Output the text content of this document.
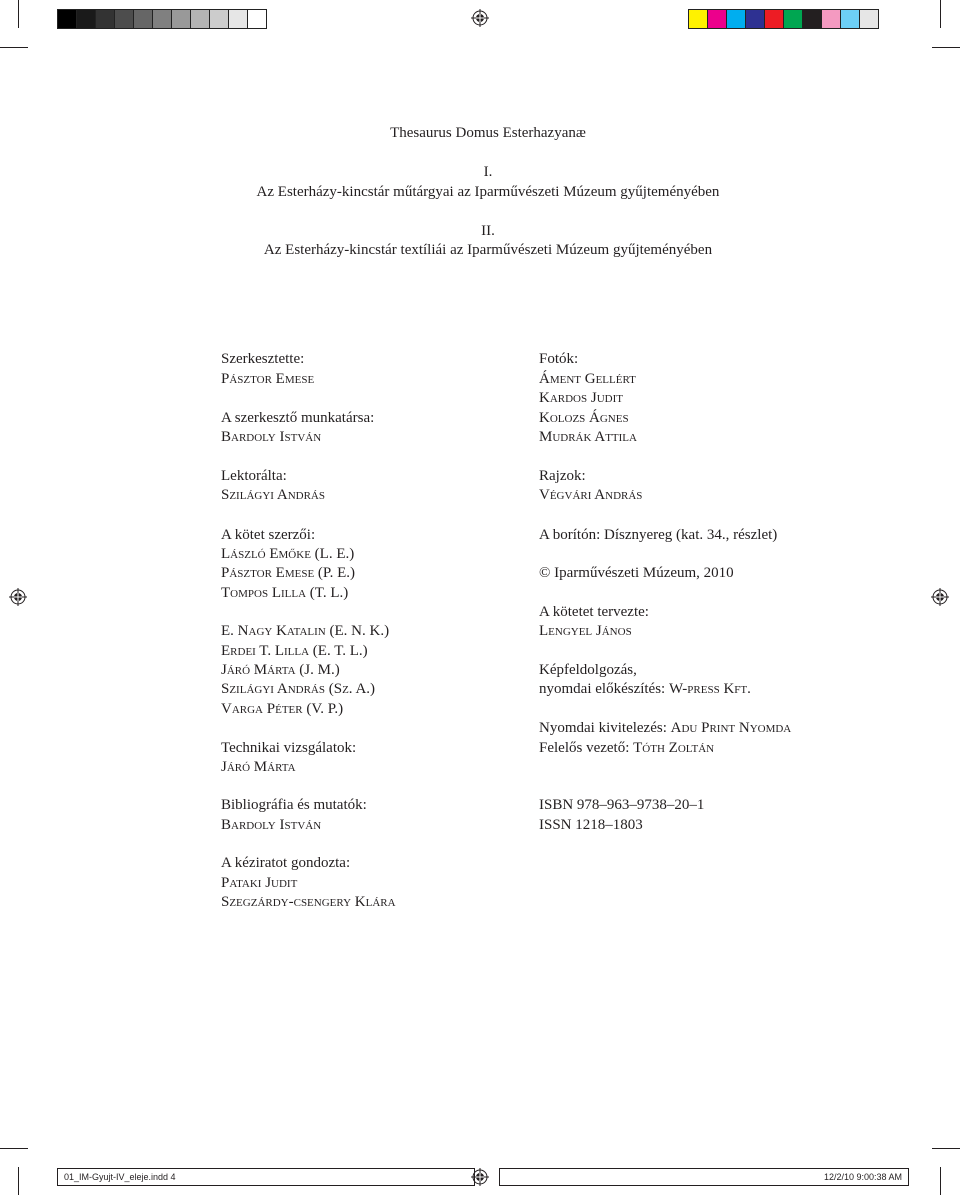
Thesaurus Domus Esterhazyanæ
I.
Az Esterházy-kincstár műtárgyai az Iparművészeti Múzeum gyűjteményében
II.
Az Esterházy-kincstár textíliái az Iparművészeti Múzeum gyűjteményében
Szerkesztette:
Pásztor Emese
A szerkesztő munkatársa:
Bardoly István
Lektorálta:
Szilágyi András
A kötet szerzői:
László Emőke (L. E.)
Pásztor Emese (P. E.)
Tompos Lilla (T. L.)
E. Nagy Katalin (E. N. K.)
Erdei T. Lilla (E. T. L.)
Járó Márta (J. M.)
Szilágyi András (Sz. A.)
Varga Péter (V. P.)
Technikai vizsgálatok:
Járó Márta
Bibliográfia és mutatók:
Bardoly István
A kéziratot gondozta:
Pataki Judit
Szegzárdy-csengery Klára
Fotók:
Áment Gellért
Kardos Judit
Kolozs Ágnes
Mudrák Attila
Rajzok:
Végvári András
A borítón: Dísznyereg (kat. 34., részlet)
© Iparművészeti Múzeum, 2010
A kötetet tervezte:
Lengyel János
Képfeldolgozás,
nyomdai előkészítés: W-press Kft.
Nyomdai kivitelezés: Adu Print Nyomda
Felelős vezető: Tóth Zoltán
ISBN 978–963–9738–20–1
ISSN 1218–1803
01_IM-Gyujt-IV_eleje.indd 4	12/2/10 9:00:38 AM
